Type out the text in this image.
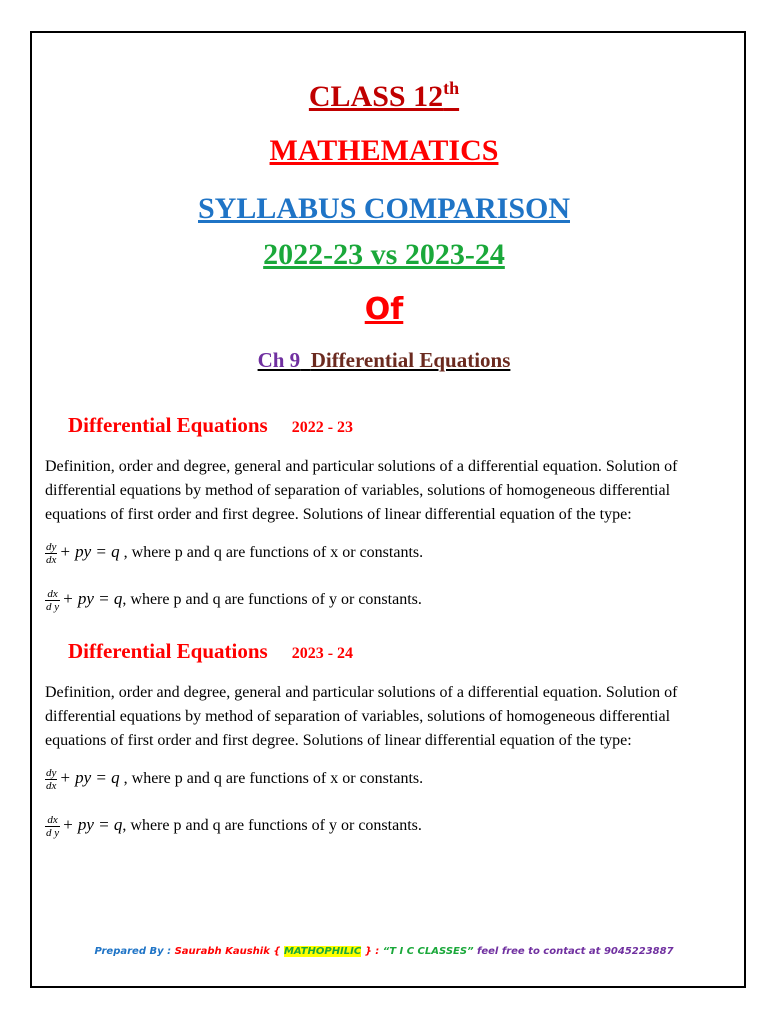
CLASS 12th
MATHEMATICS
SYLLABUS COMPARISON
2022-23 vs 2023-24
Of
Ch 9 Differential Equations
Differential Equations 2022 - 23
Definition, order and degree, general and particular solutions of a differential equation. Solution of
differential equations by method of separation of variables, solutions of homogeneous differential
equations of first order and first degree. Solutions of linear differential equation of the type:
$\frac{dy}{dx}$ + py = q , where p and q are functions of x or constants.
$\frac{dx}{\text{d y}}$ + py = q, where p and q are functions of y or constants.
Differential Equations 2023 - 24
Definition, order and degree, general and particular solutions of a differential equation. Solution of
differential equations by method of separation of variables, solutions of homogeneous differential
equations of first order and first degree. Solutions of linear differential equation of the type:
$\frac{dy}{dx}$ + py = q , where p and q are functions of x or constants.
$\frac{dx}{\text{d y}}$ + py = q, where p and q are functions of y or constants.
Prepared By : Saurabh Kaushik { MATHOPHILIC } : “T I C CLASSES” feel free to contact at 9045223887
